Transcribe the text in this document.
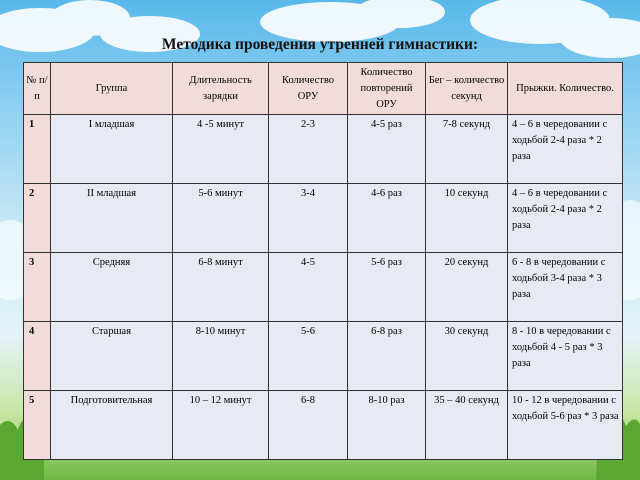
Методика проведения утренней гимнастики:
№ п/п	Группа	Длительность зарядки	Количество ОРУ	Количество повторений ОРУ	Бег – количество секунд	Прыжки. Количество.
1	I младшая	4 -5 минут	2-3	4-5 раз	7-8 секунд	4 – 6 в чередовании с ходьбой 2-4 раза * 2 раза
2	II младшая	5-6 минут	3-4	4-6 раз	10 секунд	4 – 6 в чередовании с ходьбой 2-4 раза * 2 раза
3	Средняя	6-8 минут	4-5	5-6 раз	20 секунд	6 - 8 в чередовании с ходьбой 3-4 раза * 3 раза
4	Старшая	8-10 минут	5-6	6-8 раз	30 секунд	8 - 10 в чередовании с ходьбой 4 - 5 раз * 3 раза
5	Подготовительная	10 – 12 минут	6-8	8-10 раз	35 – 40 секунд	10 - 12 в чередовании с ходьбой 5-6 раз * 3 раза
